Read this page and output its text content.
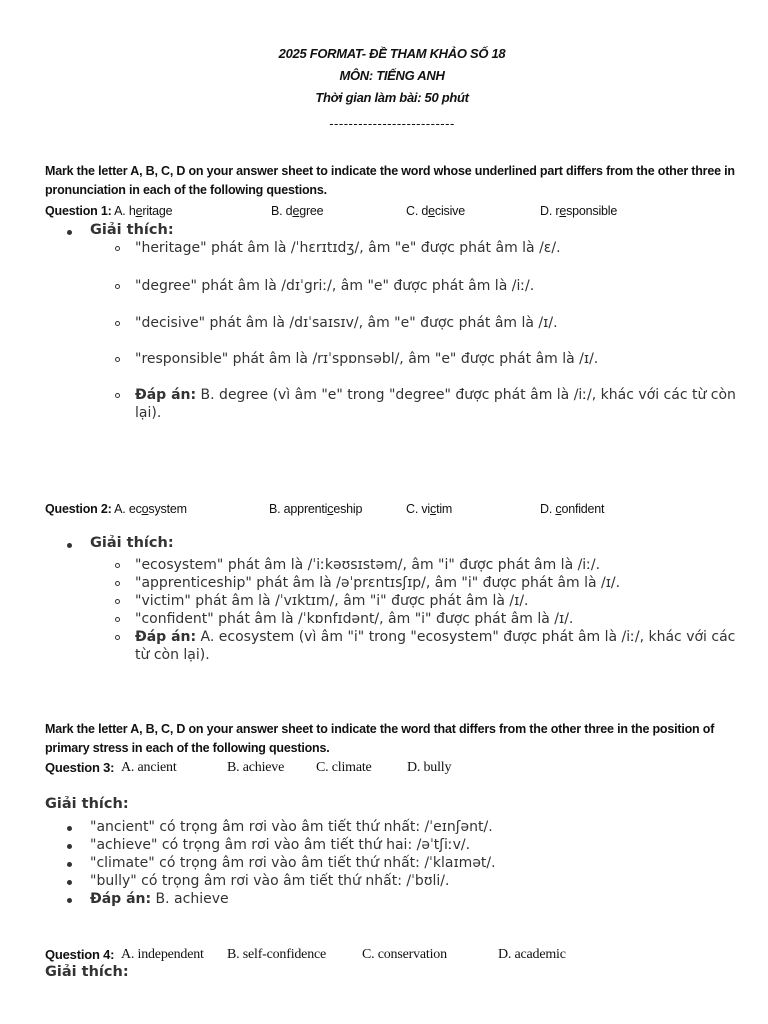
2025 FORMAT- ĐỀ THAM KHẢO SỐ 18
MÔN: TIẾNG ANH
Thời gian làm bài: 50 phút
--------------------------
Mark the letter A, B, C, D on your answer sheet to indicate the word whose underlined part differs from the other three in pronunciation in each of the following questions.
Question 1: A. heritage	B. degree	C. decisive	D. responsible
Giải thích:
"heritage" phát âm là /ˈhɛrɪtɪdʒ/, âm "e" được phát âm là /ɛ/.
"degree" phát âm là /dɪˈgriː/, âm "e" được phát âm là /iː/.
"decisive" phát âm là /dɪˈsaɪsɪv/, âm "e" được phát âm là /ɪ/.
"responsible" phát âm là /rɪˈspɒnsəbl/, âm "e" được phát âm là /ɪ/.
Đáp án: B. degree (vì âm "e" trong "degree" được phát âm là /iː/, khác với các từ còn lại).
Question 2: A. ecosystem	B. apprenticeship	C. victim	D. confident
Giải thích:
"ecosystem" phát âm là /ˈiːkəʊsɪstəm/, âm "i" được phát âm là /iː/.
"apprenticeship" phát âm là /əˈprɛntɪsʃɪp/, âm "i" được phát âm là /ɪ/.
"victim" phát âm là /ˈvɪktɪm/, âm "i" được phát âm là /ɪ/.
"confident" phát âm là /ˈkɒnfɪdənt/, âm "i" được phát âm là /ɪ/.
Đáp án: A. ecosystem (vì âm "i" trong "ecosystem" được phát âm là /iː/, khác với các từ còn lại).
Mark the letter A, B, C, D on your answer sheet to indicate the word that differs from the other three in the position of primary stress in each of the following questions.
Question 3: A. ancient	B. achieve C. climate	D. bully
Giải thích:
"ancient" có trọng âm rơi vào âm tiết thứ nhất: /ˈeɪnʃənt/.
"achieve" có trọng âm rơi vào âm tiết thứ hai: /əˈtʃiːv/.
"climate" có trọng âm rơi vào âm tiết thứ nhất: /ˈklaɪmət/.
"bully" có trọng âm rơi vào âm tiết thứ nhất: /ˈbʊli/.
Đáp án: B. achieve
Question 4: A. independent B. self-confidence	C. conservation	D. academic
Giải thích:
